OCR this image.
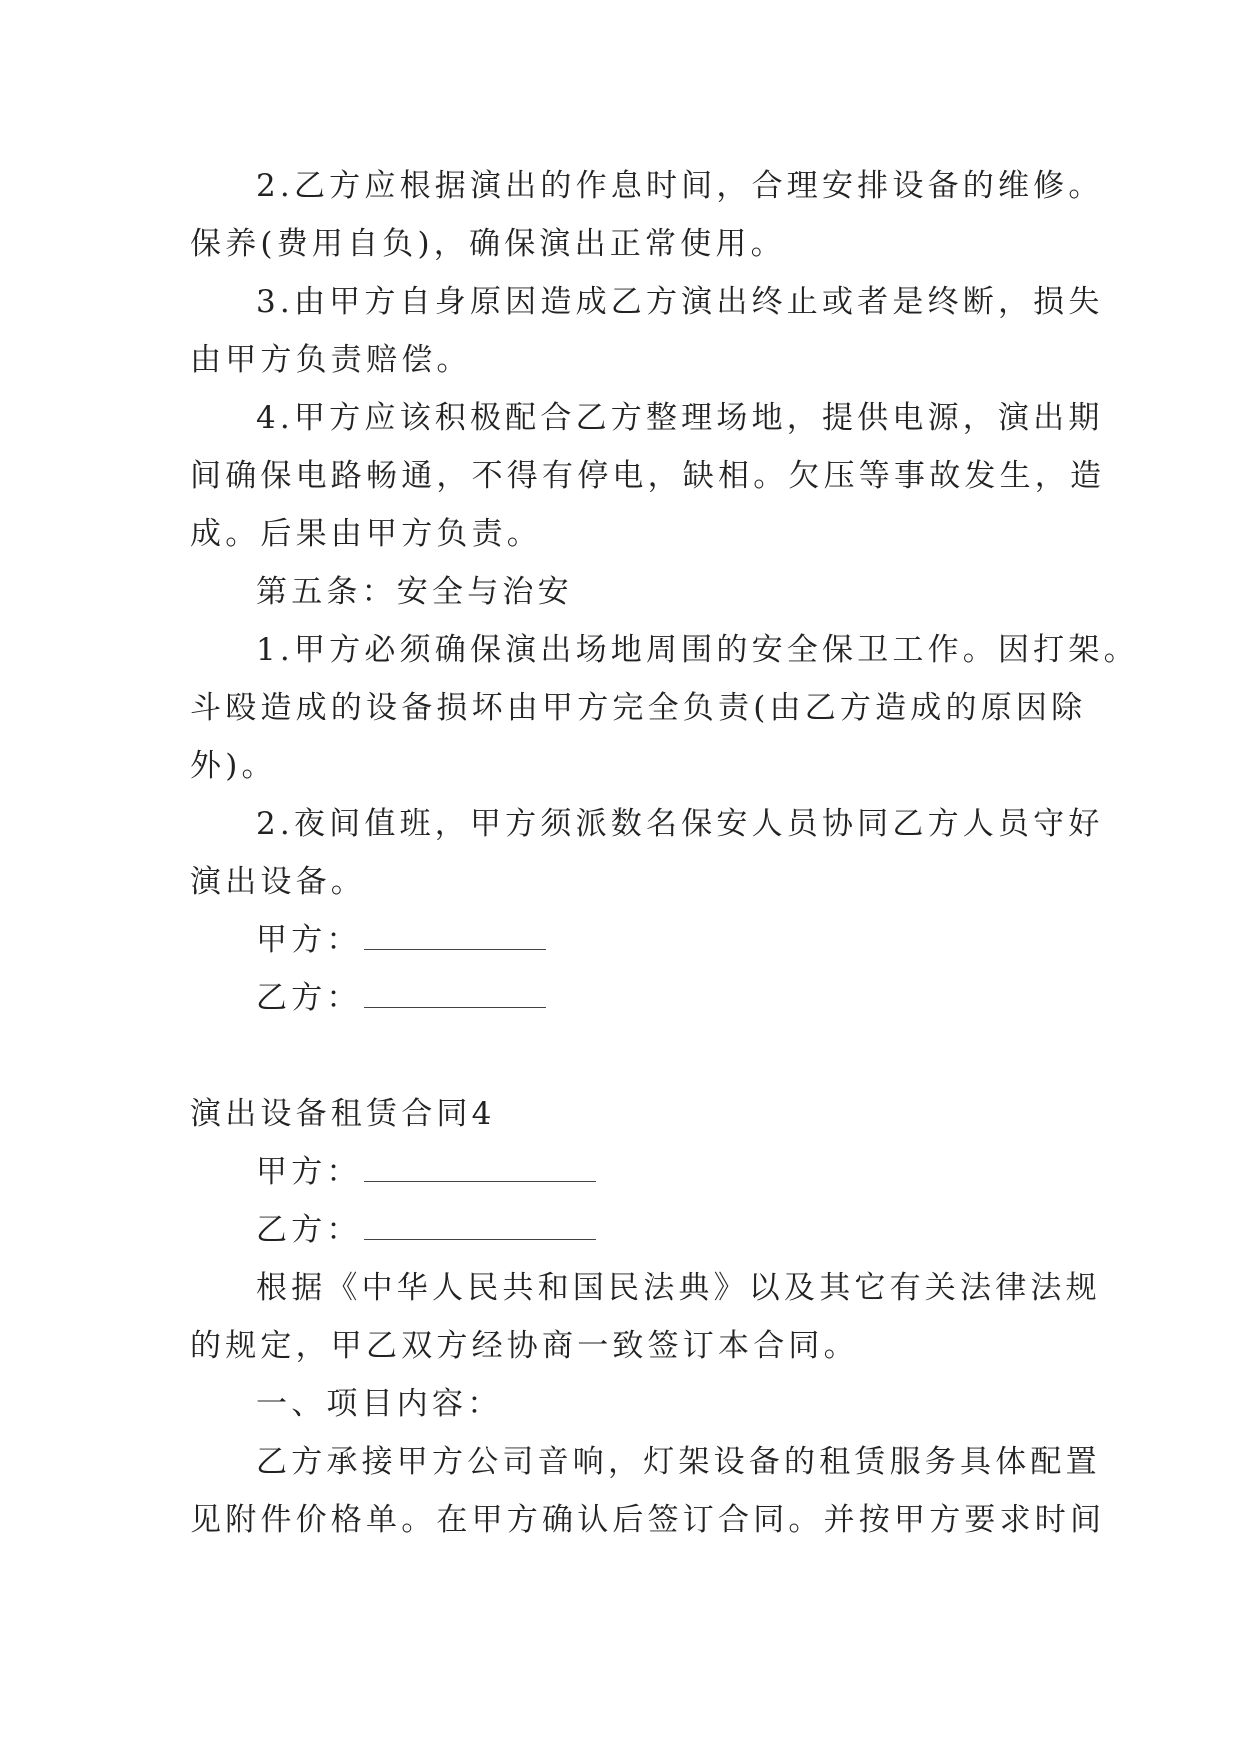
2.乙方应根据演出的作息时间，合理安排设备的维修。
保养(费用自负)，确保演出正常使用。
3.由甲方自身原因造成乙方演出终止或者是终断，损失
由甲方负责赔偿。
4.甲方应该积极配合乙方整理场地，提供电源，演出期
间确保电路畅通，不得有停电，缺相。欠压等事故发生，造
成。后果由甲方负责。
第五条：安全与治安
1.甲方必须确保演出场地周围的安全保卫工作。因打架。
斗殴造成的设备损坏由甲方完全负责(由乙方造成的原因除
外)。
2.夜间值班，甲方须派数名保安人员协同乙方人员守好
演出设备。
甲方：
乙方：
演出设备租赁合同4
甲方：
乙方：
根据《中华人民共和国民法典》以及其它有关法律法规
的规定，甲乙双方经协商一致签订本合同。
一、项目内容：
乙方承接甲方公司音响，灯架设备的租赁服务具体配置
见附件价格单。在甲方确认后签订合同。并按甲方要求时间
